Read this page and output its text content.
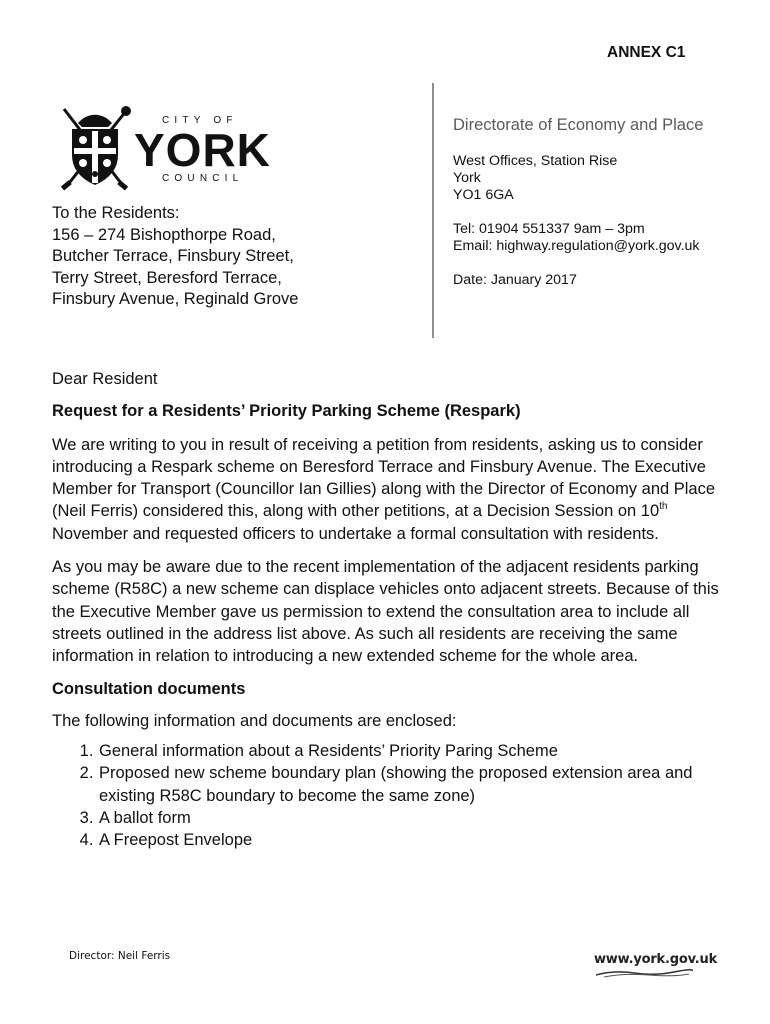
ANNEX C1
CITY OF
YORK
COUNCIL
To the Residents:
156 – 274 Bishopthorpe Road,
Butcher Terrace, Finsbury Street,
Terry Street, Beresford Terrace,
Finsbury Avenue, Reginald Grove
Directorate of Economy and Place
West Offices, Station Rise
York
YO1 6GA
Tel: 01904 551337 9am – 3pm
Email: highway.regulation@york.gov.uk
Date: January 2017

Dear Resident

Request for a Residents’ Priority Parking Scheme (Respark)

We are writing to you in result of receiving a petition from residents, asking us to consider introducing a Respark scheme on Beresford Terrace and Finsbury Avenue. The Executive Member for Transport (Councillor Ian Gillies) along with the Director of Economy and Place (Neil Ferris) considered this, along with other petitions, at a Decision Session on 10th November and requested officers to undertake a formal consultation with residents.

As you may be aware due to the recent implementation of the adjacent residents parking scheme (R58C) a new scheme can displace vehicles onto adjacent streets. Because of this the Executive Member gave us permission to extend the consultation area to include all streets outlined in the address list above. As such all residents are receiving the same information in relation to introducing a new extended scheme for the whole area.

Consultation documents

The following information and documents are enclosed:

1. General information about a Residents’ Priority Paring Scheme
2. Proposed new scheme boundary plan (showing the proposed extension area and existing R58C boundary to become the same zone)
3. A ballot form
4. A Freepost Envelope
Director: Neil Ferris	www.york.gov.uk
